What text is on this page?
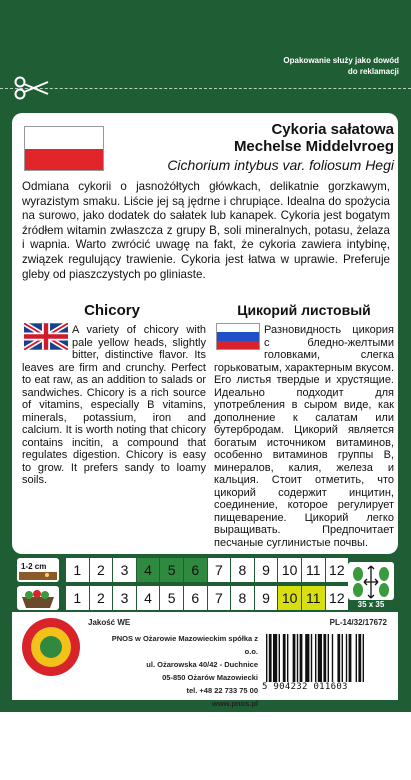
Opakowanie służy jako dowód do reklamacji
Cykoria sałatowa
Mechelse Middelvroeg
Cichorium intybus var. foliosum Hegi
Odmiana cykorii o jasnożółtych główkach, delikatnie gorzkawym, wyrazistym smaku. Liście jej są jędrne i chrupiące. Idealna do spożycia na surowo, jako dodatek do sałatek lub kanapek. Cykoria jest bogatym źródłem witamin zwłaszcza z grupy B, soli mineralnych, potasu, żelaza i wapnia. Warto zwrócić uwagę na fakt, że cykoria zawiera intybinę, związek regulujący trawienie. Cykoria jest łatwa w uprawie. Preferuje gleby od piaszczystych po gliniaste.
Chicory	Цикорий листовый
A variety of chicory with pale yellow heads, slightly bitter, distinctive flavor. Its leaves are firm and crunchy. Perfect to eat raw, as an addition to salads or sandwiches. Chicory is a rich source of vitamins, especially B vitamins, minerals, potassium, iron and calcium. It is worth noting that chicory contains incitin, a compound that regulates digestion. Chicory is easy to grow. It prefers sandy to loamy soils.
Разновидность цикория с бледно-желтыми головками, слегка горьковатым, характерным вкусом. Его листья твердые и хрустящие. Идеально подходит для употребления в сыром виде, как дополнение к салатам или бутербродам. Цикорий является богатым источником витаминов, особенно витаминов группы B, минералов, калия, железа и кальция. Стоит отметить, что цикорий содержит инцитин, соединение, которое регулирует пищеварение. Цикорий легко выращивать. Предпочитает песчаные суглинистые почвы.
1-2 cm	1	2	3	4	5	6	7	8	9 10 11 12
1	2	3	4	5	6	7	8	9 10 11 12	35 x 35
Jakość WE	PL-14/32/17672
PNOS w Ożarowie Mazowieckim spółka z o.o.
ul. Ożarowska 40/42 - Duchnice
05-850 Ożarów Mazowiecki
tel. +48 22 733 75 00
www.pnos.pl
5 904232 011603
